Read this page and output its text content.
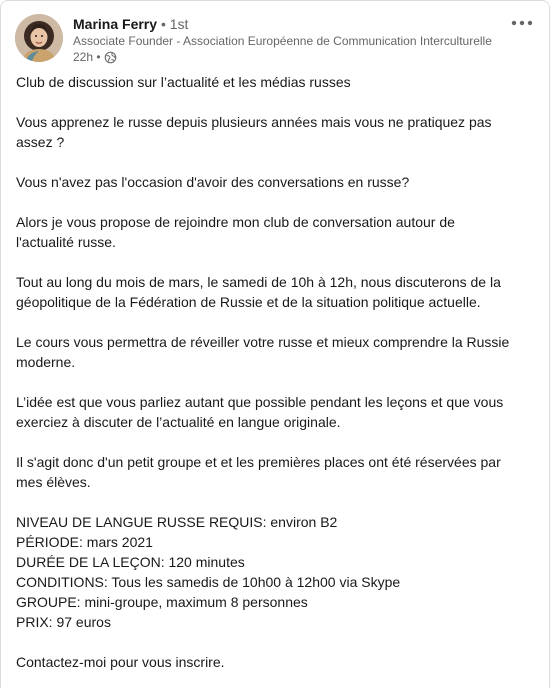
Marina Ferry • 1st
Associate Founder - Association Européenne de Communication Interculturelle
22h •

Club de discussion sur l’actualité et les médias russes

Vous apprenez le russe depuis plusieurs années mais vous ne pratiquez pas
assez ?

Vous n'avez pas l'occasion d'avoir des conversations en russe?

Alors je vous propose de rejoindre mon club de conversation autour de
l'actualité russe.

Tout au long du mois de mars, le samedi de 10h à 12h, nous discuterons de la
géopolitique de la Fédération de Russie et de la situation politique actuelle.

Le cours vous permettra de réveiller votre russe et mieux comprendre la Russie
moderne.

L’idée est que vous parliez autant que possible pendant les leçons et que vous
exerciez à discuter de l’actualité en langue originale.

Il s'agit donc d'un petit groupe et et les premières places ont été réservées par
mes élèves.

NIVEAU DE LANGUE RUSSE REQUIS: environ B2
PÉRIODE: mars 2021
DURÉE DE LA LEÇON: 120 minutes
CONDITIONS: Tous les samedis de 10h00 à 12h00 via Skype
GROUPE: mini-groupe, maximum 8 personnes
PRIX: 97 euros

Contactez-moi pour vous inscrire.
